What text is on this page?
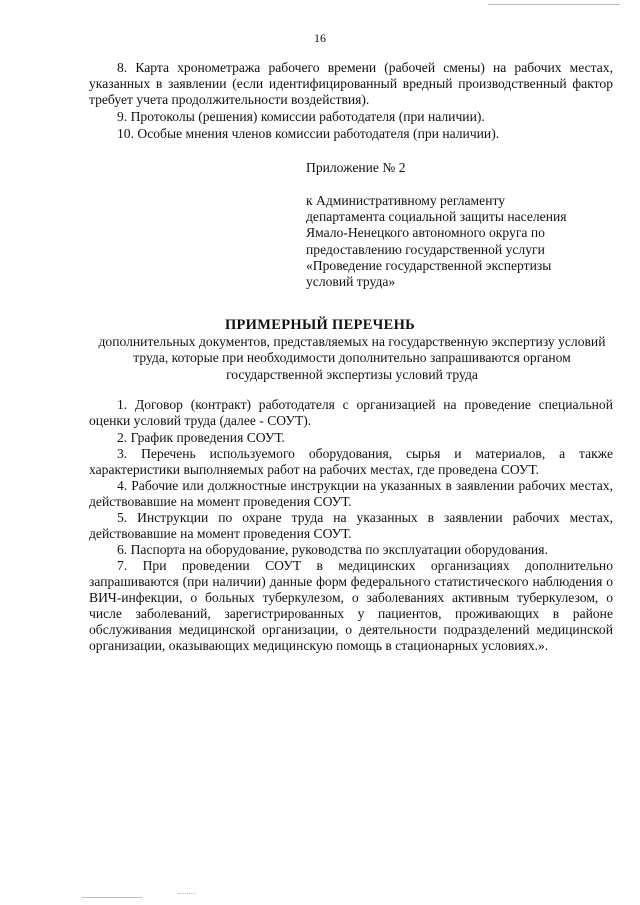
16

8. Карта хронометража рабочего времени (рабочей смены) на рабочих местах, указанных в заявлении (если идентифицированный вредный производственный фактор требует учета продолжительности воздействия).

9. Протоколы (решения) комиссии работодателя (при наличии).

10. Особые мнения членов комиссии работодателя (при наличии).

Приложение № 2
к Административному регламенту
департамента социальной защиты населения
Ямало-Ненецкого автономного округа по
предоставлению государственной услуги
«Проведение государственной экспертизы
условий труда»
ПРИМЕРНЫЙ ПЕРЕЧЕНЬ

дополнительных документов, представляемых на государственную экспертизу условий труда, которые при необходимости дополнительно запрашиваются органом государственной экспертизы условий труда

1. Договор (контракт) работодателя с организацией на проведение специальной оценки условий труда (далее - СОУТ).

2. График проведения СОУТ.

3. Перечень используемого оборудования, сырья и материалов, а также характеристики выполняемых работ на рабочих местах, где проведена СОУТ.

4. Рабочие или должностные инструкции на указанных в заявлении рабочих местах, действовавшие на момент проведения СОУТ.

5. Инструкции по охране труда на указанных в заявлении рабочих местах, действовавшие на момент проведения СОУТ.

6. Паспорта на оборудование, руководства по эксплуатации оборудования.

7. При проведении СОУТ в медицинских организациях дополнительно запрашиваются (при наличии) данные форм федерального статистического наблюдения о ВИЧ-инфекции, о больных туберкулезом, о заболеваниях активным туберкулезом, о числе заболеваний, зарегистрированных у пациентов, проживающих в районе обслуживания медицинской организации, о деятельности подразделений медицинской организации, оказывающих медицинскую помощь в стационарных условиях.».
